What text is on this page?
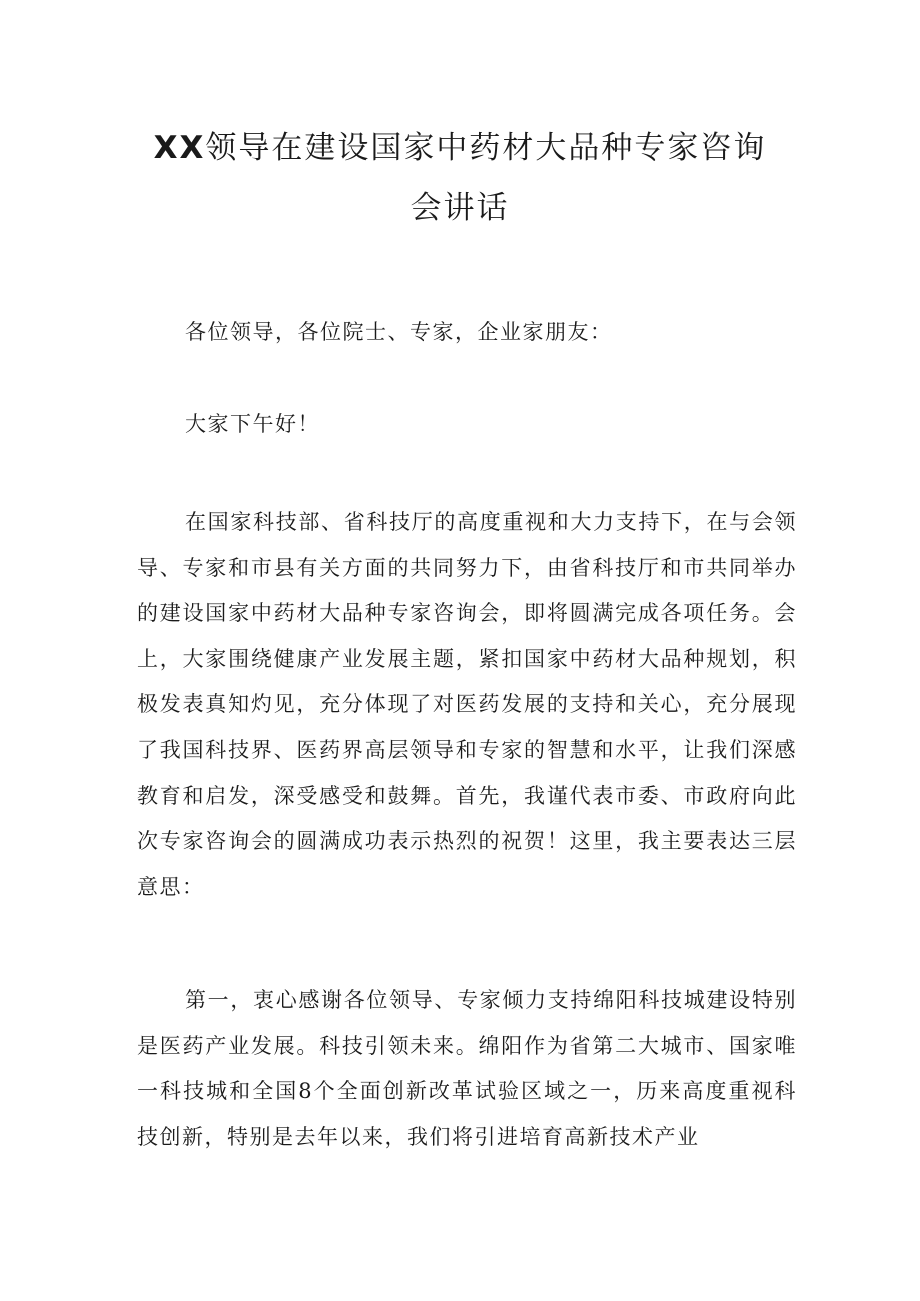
XX领导在建设国家中药材大品种专家咨询
会讲话

各位领导，各位院士、专家，企业家朋友：

大家下午好！

在国家科技部、省科技厅的高度重视和大力支持下，在与会领导、专家和市县有关方面的共同努力下，由省科技厅和市共同举办的建设国家中药材大品种专家咨询会，即将圆满完成各项任务。会上，大家围绕健康产业发展主题，紧扣国家中药材大品种规划，积极发表真知灼见，充分体现了对医药发展的支持和关心，充分展现了我国科技界、医药界高层领导和专家的智慧和水平，让我们深感教育和启发，深受感受和鼓舞。首先，我谨代表市委、市政府向此次专家咨询会的圆满成功表示热烈的祝贺！这里，我主要表达三层意思：

第一，衷心感谢各位领导、专家倾力支持绵阳科技城建设特别是医药产业发展。科技引领未来。绵阳作为省第二大城市、国家唯一科技城和全国8个全面创新改革试验区域之一，历来高度重视科技创新，特别是去年以来，我们将引进培育高新技术产业
